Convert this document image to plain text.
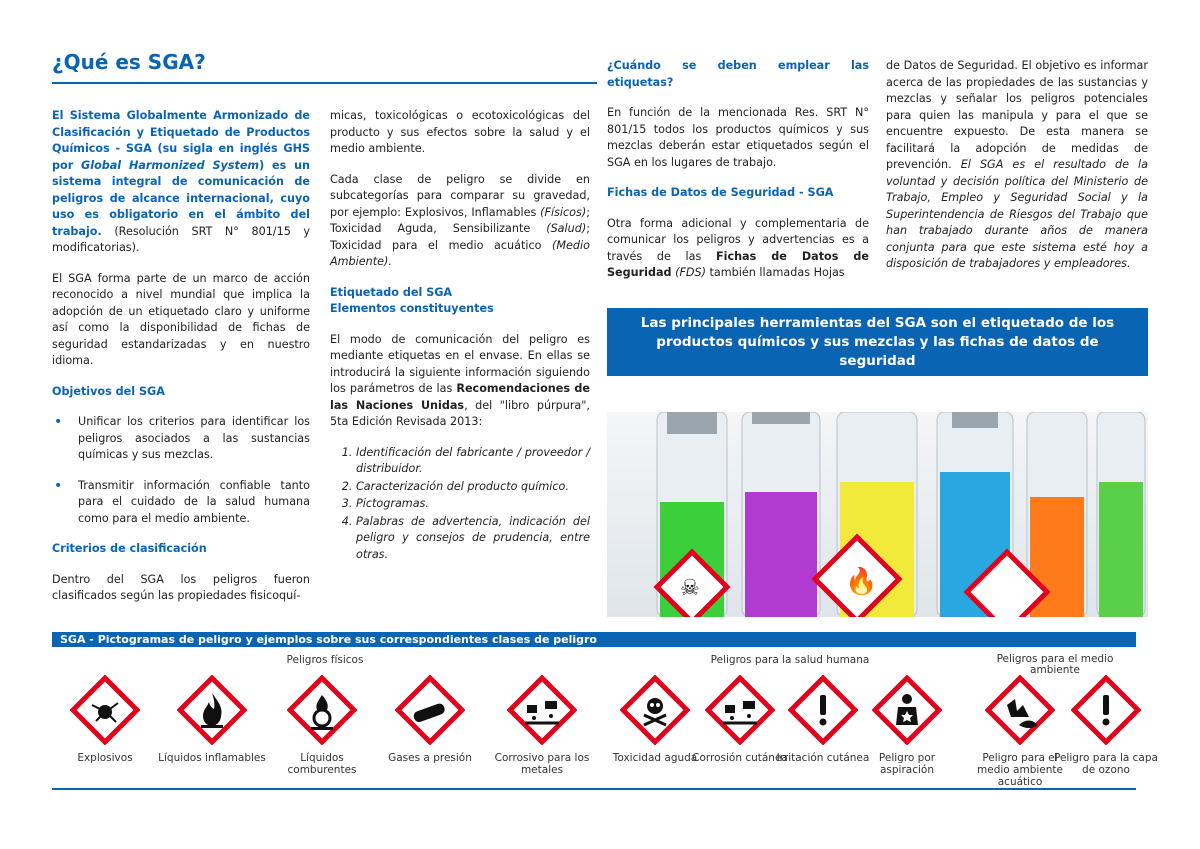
¿Qué es SGA?

El Sistema Globalmente Armonizado de Clasificación y Etiquetado de Productos Químicos - SGA (su sigla en inglés GHS por Global Harmonized System) es un sistema integral de comunicación de peligros de alcance internacional, cuyo uso es obligatorio en el ámbito del trabajo. (Resolución SRT N° 801/15 y modificatorias).

El SGA forma parte de un marco de acción reconocido a nivel mundial que implica la adopción de un etiquetado claro y uniforme así como la disponibilidad de fichas de seguridad estandarizadas y en nuestro idioma.

Objetivos del SGA
• Unificar los criterios para identificar los peligros asociados a las sustancias químicas y sus mezclas.
• Transmitir información confiable tanto para el cuidado de la salud humana como para el medio ambiente.
Criterios de clasificación

Dentro del SGA los peligros fueron clasificados según las propiedades fisicoquí-

micas, toxicológicas o ecotoxicológicas del producto y sus efectos sobre la salud y el medio ambiente.

Cada clase de peligro se divide en subcategorías para comparar su gravedad, por ejemplo: Explosivos, Inflamables (Físicos); Toxicidad Aguda, Sensibilizante (Salud); Toxicidad para el medio acuático (Medio Ambiente).

Etiquetado del SGA
Elementos constituyentes

El modo de comunicación del peligro es mediante etiquetas en el envase. En ellas se introducirá la siguiente información siguiendo los parámetros de las Recomendaciones de las Naciones Unidas, del "libro púrpura", 5ta Edición Revisada 2013:

1. Identificación del fabricante / proveedor / distribuidor.
2. Caracterización del producto químico.
3. Pictogramas.
4. Palabras de advertencia, indicación del peligro y consejos de prudencia, entre otras.
¿Cuándo se deben emplear las etiquetas?

En función de la mencionada Res. SRT N° 801/15 todos los productos químicos y sus mezclas deberán estar etiquetados según el SGA en los lugares de trabajo.

Fichas de Datos de Seguridad - SGA

Otra forma adicional y complementaria de comunicar los peligros y advertencias es a través de las Fichas de Datos de Seguridad (FDS) también llamadas Hojas

de Datos de Seguridad. El objetivo es informar acerca de las propiedades de las sustancias y mezclas y señalar los peligros potenciales para quien las manipula y para el que se encuentre expuesto. De esta manera se facilitará la adopción de medidas de prevención. El SGA es el resultado de la voluntad y decisión política del Ministerio de Trabajo, Empleo y Seguridad Social y la Superintendencia de Riesgos del Trabajo que han trabajado durante años de manera conjunta para que este sistema esté hoy a disposición de trabajadores y empleadores.

Las principales herramientas del SGA son el etiquetado de los productos químicos y sus mezclas y las fichas de datos de seguridad
☠	🔥
SGA - Pictogramas de peligro y ejemplos sobre sus correspondientes clases de peligro
Peligros físicos	Peligros para la salud humana	Peligros para el medio ambiente
Explosivos	Líquidos inflamables	Líquidos comburentes
Gases a presión	Corrosivo para los metales
Toxicidad aguda
Corrosión cutánea
Irritación cutánea Peligro por aspiración
Peligro para el medio ambiente acuático
Peligro para la capa de ozono
